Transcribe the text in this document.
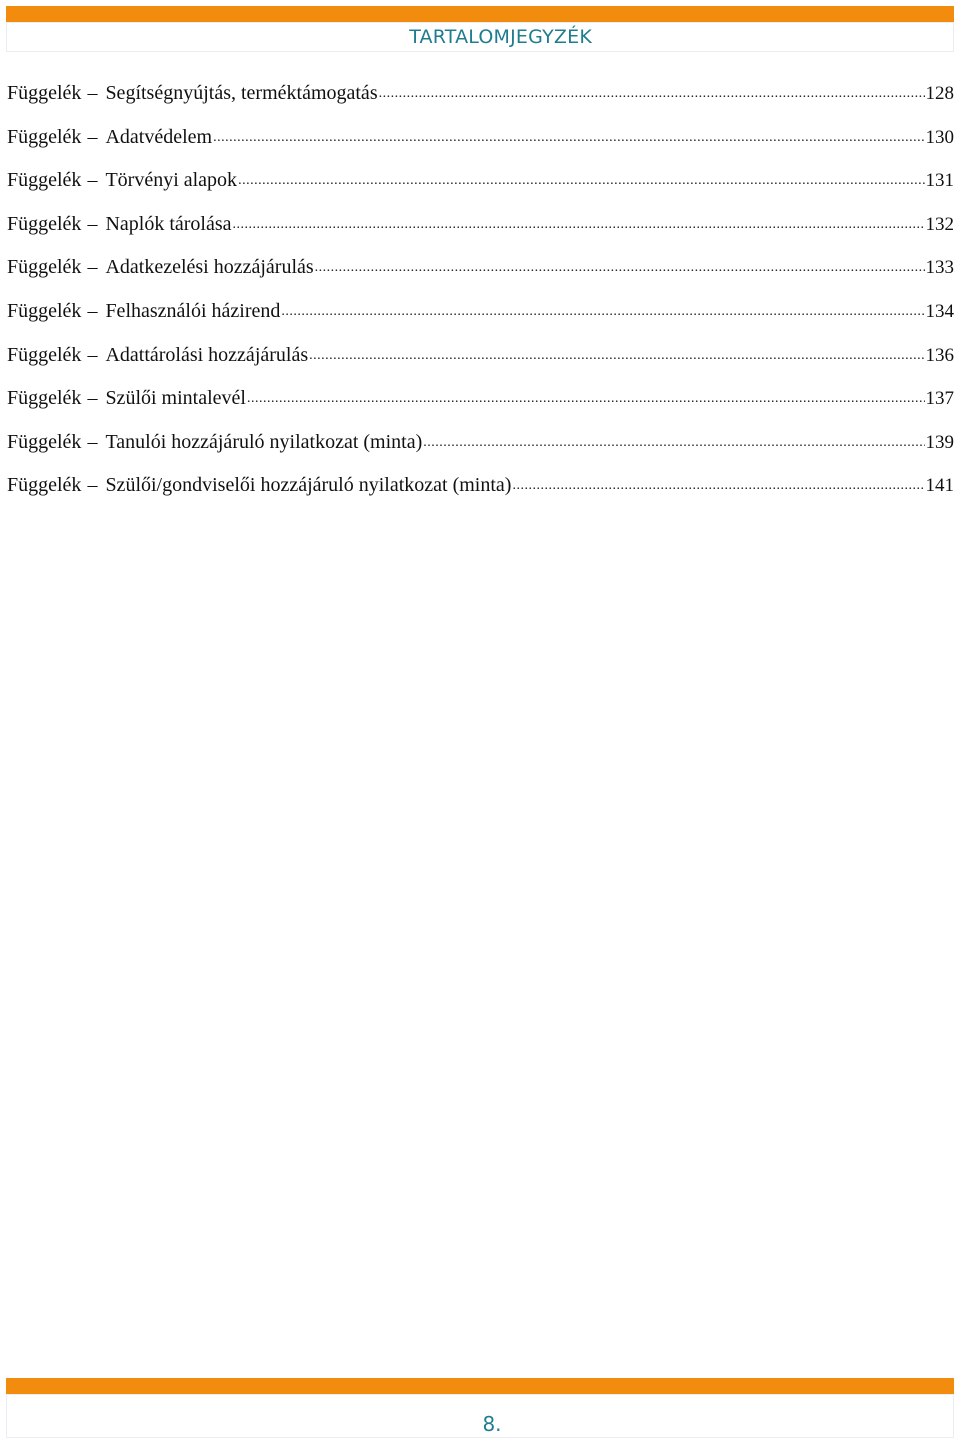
TARTALOMJEGYZÉK
Függelék – Segítségnyújtás, terméktámogatás .....	128
Függelék – Adatvédelem .....	130
Függelék – Törvényi alapok .....	131
Függelék – Naplók tárolása .....	132
Függelék – Adatkezelési hozzájárulás .....	133
Függelék – Felhasználói házirend .....	134
Függelék – Adattárolási hozzájárulás .....	136
Függelék – Szülői mintalevél .....	137
Függelék – Tanulói hozzájáruló nyilatkozat (minta) .....	139
Függelék – Szülői/gondviselői hozzájáruló nyilatkozat (minta) .....	141
8.
